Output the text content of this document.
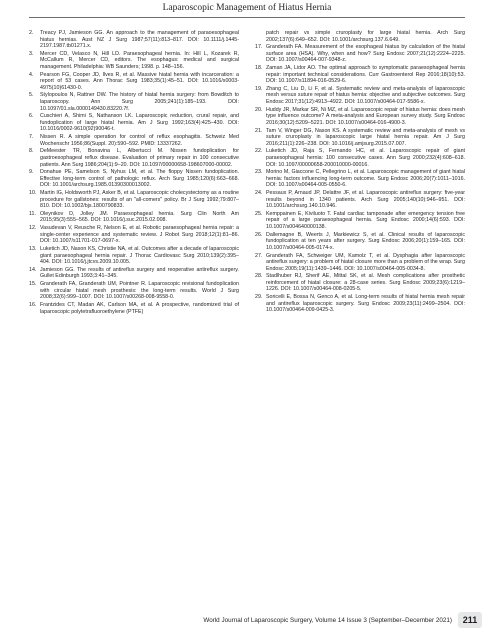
Laparoscopic Management of Hiatus Hernia
2.	Treacy PJ, Jamieson GG. An approach to the management of paraoesophageal hiatus hernias. Aust NZ J Surg 1987;57(11):813–817. DOI: 10.1111/j.1445-2197.1987.tb01271.x.
3.	Mercer CD, Velasco N, Hill LD. Paraesophageal hernia. In: Hill L, Kozarek R, McCallum R, Mercer CD, editors. The esophagus: medical and surgical management. Philadelphia: WB Saunders; 1998. p. 148–156.
4.	Pearson FG, Cooper JD, Ilves R, et al. Massive hiatal hernia with incarceration: a report of 53 cases. Ann Thorac Surg 1983;35(1):45–51. DOI: 10.1016/s0003-4975(10)61430-0.
5.	Stylopoulos N, Rattner DW. The history of hiatal hernia surgery: from Bowditch to laparoscopy. Ann Surg 2005;241(1):185–193. DOI: 10.1097/01.sla.0000149430.83220.7f.
6.	Cuschieri A, Shimi S, Nathanson LK. Laparoscopic reduction, crural repair, and fundoplication of large hiatal hernia. Am J Surg 1992;163(4):425–430. DOI: 10.1016/0002-9610(92)90046-t.
7.	Nissen R. A simple operation for control of reflux esophagitis. Schweiz Med Wochenschr 1956;86(Suppl. 20):590–592. PMID: 13337262.
8.	DeMeester TR, Bonavina L, Albertucci M. Nissen fundoplication for gastroesophageal reflux disease. Evaluation of primary repair in 100 consecutive patients. Ann Surg 1986;204(1):9–20. DOI: 10.1097/00000658-198607000-00002.
9.	Donahue PE, Samelson S, Nyhus LM, et al. The floppy Nissen fundoplication. Effective long-term control of pathologic reflux. Arch Surg 1985;120(6):663–668. DOI: 10.1001/archsurg.1985.01390300013002.
10. Martin IG, Holdsworth PJ, Asker B, et al. Laparoscopic cholecystectomy as a routine procedure for gallstones: results of an "all-comers" policy. Br J Surg 1992;79:807–810. DOI: 10.1002/bjs.1800790833.
11. Oleynikov D, Jolley JM. Paraesophageal hernia. Surg Clin North Am 2015;95(3):555–565. DOI: 10.1016/j.suc.2015.02.008.
12. Vasudevan V, Reusche R, Nelson E, et al. Robotic paraesophageal hernia repair: a single-center experience and systematic review. J Robot Surg 2018;12(1):81–86. DOI: 10.1007/s11701-017-0697-x.
13. Luketich JD, Nason KS, Christie NA, et al. Outcomes after a decade of laparoscopic giant paraesophageal hernia repair. J Thorac Cardiovasc Surg 2010;139(2):395–404. DOI: 10.1016/j.jtcvs.2009.10.005.
14. Jamieson GG. The results of antireflux surgery and reoperative antireflux surgery. Gullet Edinburgh 1993;3:41–345.
15. Granderath FA, Granderath UM, Pointner R. Laparoscopic revisional fundoplication with circular hiatal mesh prosthesis: the long-term results. World J Surg 2008;32(6):999–1007. DOI: 10.1007/s00268-008-9558-0.
16. Frantzides CT, Madan AK, Carlson MA, et al. A prospective, randomized trial of laparoscopic polytetrafluoroethylene (PTFE)
patch repair vs simple cruroplasty for large hiatal hernia. Arch Surg 2002;137(6):649–652. DOI: 10.1001/archsurg.137.6.649.
17. Granderath FA. Measurement of the esophageal hiatus by calculation of the hiatal surface area (HSA). Why, when and how? Surg Endosc 2007;21(12):2224–2225. DOI: 10.1007/s00464-007-9348-z.
18. Zaman JA, Lidor AO. The optimal approach to symptomatic paraesophageal hernia repair: important technical considerations. Curr Gastroenterol Rep 2016;18(10):53. DOI: 10.1007/s11894-016-0529-6.
19. Zhang C, Liu D, Li F, et al. Systematic review and meta-analysis of laparoscopic mesh versus suture repair of hiatus hernia: objective and subjective outcomes. Surg Endosc 2017;31(12):4913–4922. DOI: 10.1007/s00464-017-5586-x.
20. Huddy JR, Markar SR, Ni MZ, et al. Laparoscopic repair of hiatus hernia: does mesh type influence outcome? A meta-analysis and European survey study. Surg Endosc 2016;30(12):5209–5221. DOI: 10.1007/s00464-016-4900-3.
21. Tam V, Winger DG, Nason KS. A systematic review and meta-analysis of mesh vs suture cruroplasty in laparoscopic large hiatal hernia repair. Am J Surg 2016;211(1):226–238. DOI: 10.1016/j.amjsurg.2015.07.007.
22. Luketich JD, Raja S, Fernando HC, et al. Laparoscopic repair of giant paraesophageal hernia: 100 consecutive cases. Ann Surg 2000;232(4):608–618. DOI: 10.1097/00000658-200010000-00016.
23. Morino M, Giaccone C, Pellegrino L, et al. Laparoscopic management of giant hiatal hernia: factors influencing long-term outcome. Surg Endosc 2006;20(7):1011–1016. DOI: 10.1007/s00464-005-0550-6.
24. Pessaux P, Arnaud JP, Delattre JF, et al. Laparoscopic antireflux surgery: five-year results beyond in 1340 patients. Arch Surg 2005;140(10):946–951. DOI: 10.1001/archsurg.140.10.946.
25. Kemppainen E, Kiviluoto T. Fatal cardiac tamponade after emergency tension free repair of a large paraesophageal hernia. Surg Endosc 2000;14(6):593. DOI: 10.1007/s004640000138.
26. Dallemagne B, Weerts J, Markiewicz S, et al. Clinical results of laparoscopic fundoplication at ten years after surgery. Surg Endosc 2006;20(1):159–165. DOI: 10.1007/s00464-005-0174-x.
27. Granderath FA, Schweiger UM, Kamolz T, et al. Dysphagia after laparoscopic antireflux surgery: a problem of hiatal closure more than a problem of the wrap. Surg Endosc 2005;19(11):1439–1446. DOI: 10.1007/s00464-005-0034-8.
28. Stadlhuber RJ, Sherif AE, Mittal SK, et al. Mesh complications after prosthetic reinforcement of hiatal closure: a 28-case series. Surg Endosc 2009;23(6):1219–1226. DOI: 10.1007/s00464-008-0205-5.
29. Soricelli E, Bossa N, Genco A, et al. Long-term results of hiatal hernia mesh repair and antireflux laparoscopic surgery. Surg Endosc 2009;23(11):2499–2504. DOI: 10.1007/s00464-009-0425-3.
World Journal of Laparoscopic Surgery, Volume 14 Issue 3 (September–December 2021)	211
